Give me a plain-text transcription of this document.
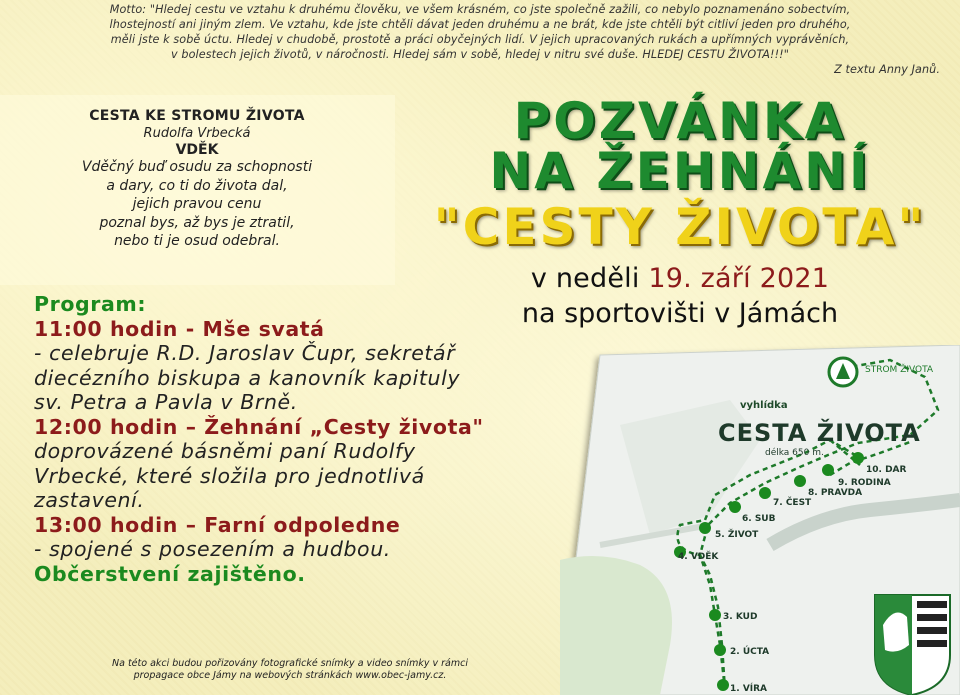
Motto: "Hledej cestu ve vztahu k druhému člověku, ve všem krásném, co jste společně zažili, co nebylo poznamenáno sobectvím,
lhostejností ani jiným zlem. Ve vztahu, kde jste chtěli dávat jeden druhému a ne brát, kde jste chtěli být citliví jeden pro druhého,
měli jste k sobě úctu. Hledej v chudobě, prostotě a práci obyčejných lidí. V jejich upracovaných rukách a upřímných vyprávěních,
v bolestech jejich životů, v náročnosti. Hledej sám v sobě, hledej v nitru své duše. HLEDEJ CESTU ŽIVOTA!!!"
Z textu Anny Janů.
CESTA KE STROMU ŽIVOTA
Rudolfa Vrbecká
VDĚK
Vděčný buď osudu za schopnosti
a dary, co ti do života dal,
jejich pravou cenu
poznal bys, až bys je ztratil,
nebo ti je osud odebral.
POZVÁNKA
NA ŽEHNÁNÍ
"CESTY ŽIVOTA"
v neděli 19. září 2021
na sportovišti v Jámách
Program:
11:00 hodin - Mše svatá
- celebruje R.D. Jaroslav Čupr, sekretář
diecézního biskupa a kanovník kapituly
sv. Petra a Pavla v Brně.
12:00 hodin – Žehnání „Cesty života"
doprovázené básněmi paní Rudolfy
Vrbecké, které složila pro jednotlivá
zastavení.
13:00 hodin – Farní odpoledne
- spojené s posezením a hudbou.
Občerstvení zajištěno.
Na této akci budou pořizovány fotografické snímky a video snímky v rámci
propagace obce Jámy na webových stránkách www.obec-jamy.cz.
STROM ŽIVOTA
vyhlídka
CESTA ŽIVOTA
délka 650 m.
1. VÍRA
2. ÚCTA
3. KUD
4. VDĚK
5. ŽIVOT
6. SUB
7. ČEST
8. PRAVDA
9. RODINA
10. DAR
